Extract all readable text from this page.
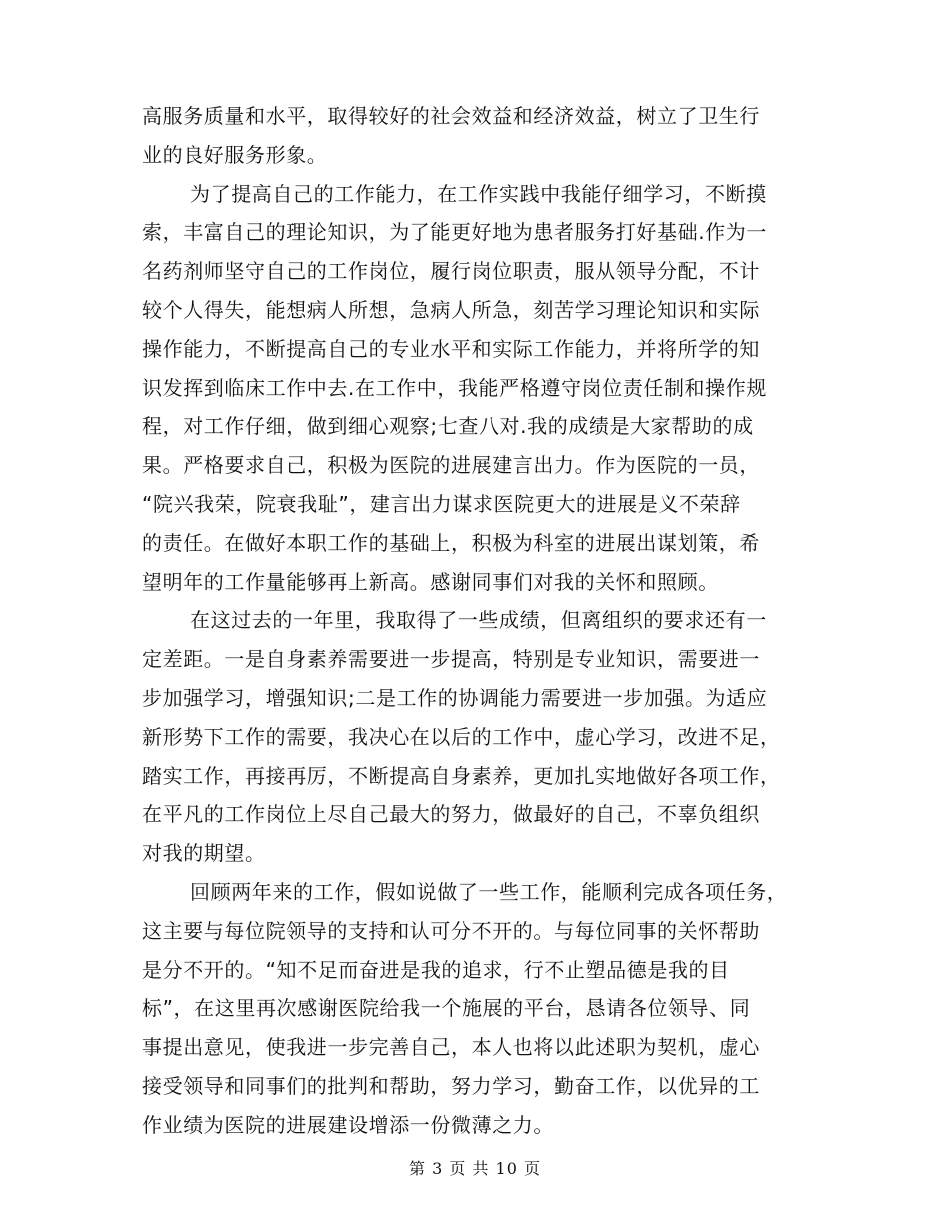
高服务质量和水平，取得较好的社会效益和经济效益，树立了卫生行
业的良好服务形象。
为了提高自己的工作能力，在工作实践中我能仔细学习，不断摸
索，丰富自己的理论知识，为了能更好地为患者服务打好基础.作为一
名药剂师坚守自己的工作岗位，履行岗位职责，服从领导分配，不计
较个人得失，能想病人所想，急病人所急，刻苦学习理论知识和实际
操作能力，不断提高自己的专业水平和实际工作能力，并将所学的知
识发挥到临床工作中去.在工作中，我能严格遵守岗位责任制和操作规
程，对工作仔细，做到细心观察;七查八对.我的成绩是大家帮助的成
果。严格要求自己，积极为医院的进展建言出力。作为医院的一员，
“院兴我荣，院衰我耻”，建言出力谋求医院更大的进展是义不荣辞
的责任。在做好本职工作的基础上，积极为科室的进展出谋划策，希
望明年的工作量能够再上新高。感谢同事们对我的关怀和照顾。
在这过去的一年里，我取得了一些成绩，但离组织的要求还有一
定差距。一是自身素养需要进一步提高，特别是专业知识，需要进一
步加强学习，增强知识;二是工作的协调能力需要进一步加强。为适应
新形势下工作的需要，我决心在以后的工作中，虚心学习，改进不足，
踏实工作，再接再厉，不断提高自身素养，更加扎实地做好各项工作，
在平凡的工作岗位上尽自己最大的努力，做最好的自己，不辜负组织
对我的期望。
回顾两年来的工作，假如说做了一些工作，能顺利完成各项任务，
这主要与每位院领导的支持和认可分不开的。与每位同事的关怀帮助
是分不开的。“知不足而奋进是我的追求，行不止塑品德是我的目
标”，在这里再次感谢医院给我一个施展的平台，恳请各位领导、同
事提出意见，使我进一步完善自己，本人也将以此述职为契机，虚心
接受领导和同事们的批判和帮助，努力学习，勤奋工作，以优异的工
作业绩为医院的进展建设增添一份微薄之力。
第 3 页 共 10 页
